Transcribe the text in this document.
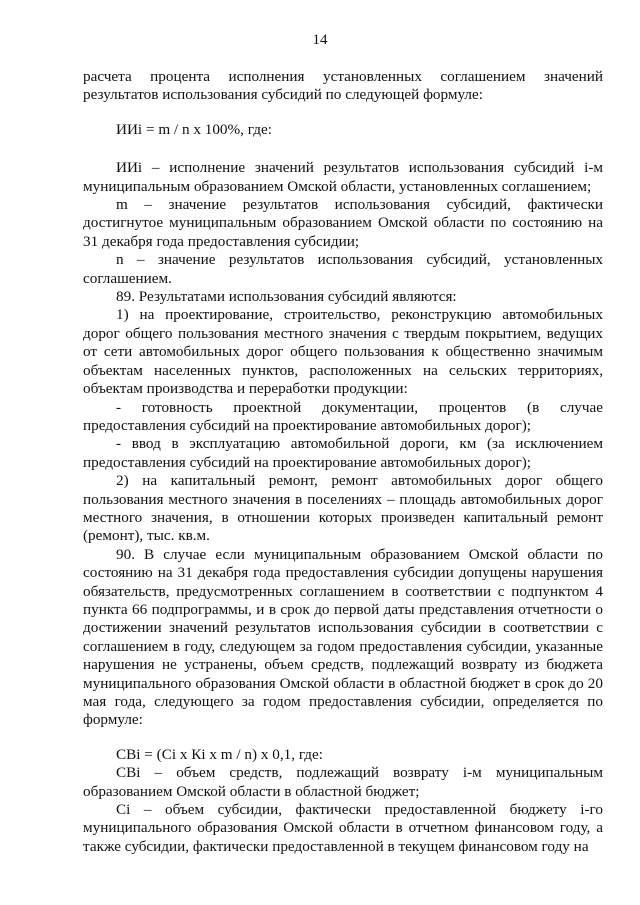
14

расчета процента исполнения установленных соглашением значений результатов использования субсидий по следующей формуле:

ИИi = m / n x 100%, где:

ИИi – исполнение значений результатов использования субсидий i-м муниципальным образованием Омской области, установленных соглашением;

m – значение результатов использования субсидий, фактически достигнутое муниципальным образованием Омской области по состоянию на 31 декабря года предоставления субсидии;

n – значение результатов использования субсидий, установленных соглашением.

89. Результатами использования субсидий являются:

1) на проектирование, строительство, реконструкцию автомобильных дорог общего пользования местного значения с твердым покрытием, ведущих от сети автомобильных дорог общего пользования к общественно значимым объектам населенных пунктов, расположенных на сельских территориях, объектам производства и переработки продукции:

- готовность проектной документации, процентов (в случае предоставления субсидий на проектирование автомобильных дорог);

- ввод в эксплуатацию автомобильной дороги, км (за исключением предоставления субсидий на проектирование автомобильных дорог);

2) на капитальный ремонт, ремонт автомобильных дорог общего пользования местного значения в поселениях – площадь автомобильных дорог местного значения, в отношении которых произведен капитальный ремонт (ремонт), тыс. кв.м.

90. В случае если муниципальным образованием Омской области по состоянию на 31 декабря года предоставления субсидии допущены нарушения обязательств, предусмотренных соглашением в соответствии с подпунктом 4 пункта 66 подпрограммы, и в срок до первой даты представления отчетности о достижении значений результатов использования субсидии в соответствии с соглашением в году, следующем за годом предоставления субсидии, указанные нарушения не устранены, объем средств, подлежащий возврату из бюджета муниципального образования Омской области в областной бюджет в срок до 20 мая года, следующего за годом предоставления субсидии, определяется по формуле:

СВi = (Сi x Кi x m / n) x 0,1, где:

СВi – объем средств, подлежащий возврату i-м муниципальным образованием Омской области в областной бюджет;

Сi – объем субсидии, фактически предоставленной бюджету i-го муниципального образования Омской области в отчетном финансовом году, а также субсидии, фактически предоставленной в текущем финансовом году на
